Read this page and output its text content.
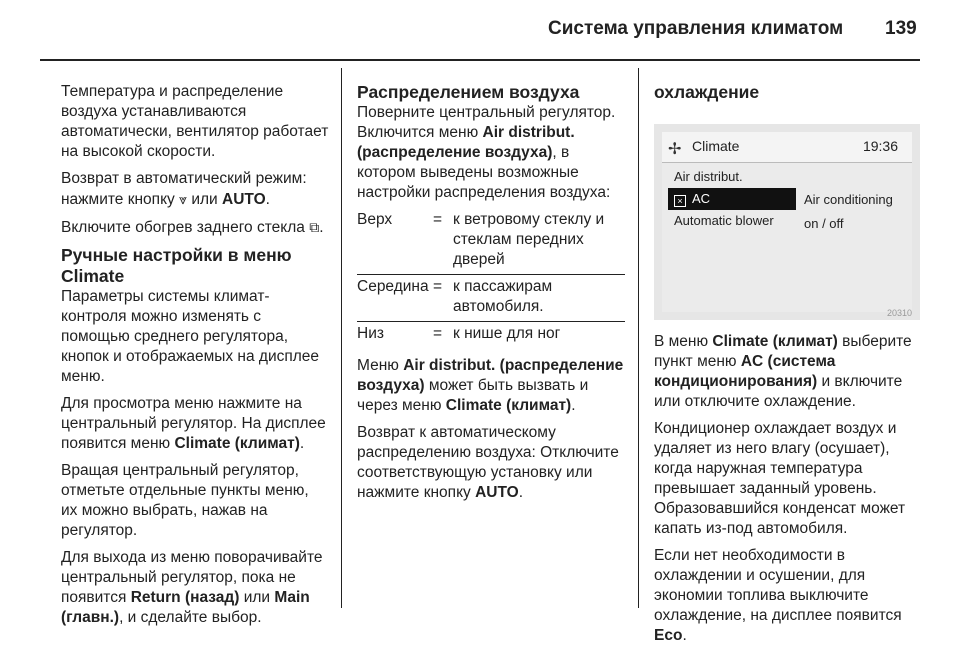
Система управления климатом 139

Температура и распределение воздуха устанавливаются автоматически, вентилятор работает на высокой скорости.

Возврат в автоматический режим: нажмите кнопку ⩔ или AUTO.

Включите обогрев заднего стекла ⧉.

Ручные настройки в меню Climate

Параметры системы климат-контроля можно изменять с помощью среднего регулятора, кнопок и отображаемых на дисплее меню.

Для просмотра меню нажмите на центральный регулятор. На дисплее появится меню Climate (климат).

Вращая центральный регулятор, отметьте отдельные пункты меню, их можно выбрать, нажав на регулятор.

Для выхода из меню поворачивайте центральный регулятор, пока не появится Return (назад) или Main (главн.), и сделайте выбор.

Распределением воздуха

Поверните центральный регулятор. Включится меню Air distribut. (распределение воздуха), в котором выведены возможные настройки распределения воздуха:

Верх	=	к ветровому стеклу и стеклам передних дверей
Середина	=	к пассажирам автомобиля.
Низ	=	к нише для ног

Меню Air distribut. (распределение воздуха) может быть вызвать и через меню Climate (климат).

Возврат к автоматическому распределению воздуха: Отключите соответствующую установку или нажмите кнопку AUTO.

охлаждение
✢ Climate	19:36
Air distribut.
× AC
Automatic blower
Air conditioning
on / off
20310

В меню Climate (климат) выберите пункт меню AC (система кондиционирования) и включите или отключите охлаждение.

Кондиционер охлаждает воздух и удаляет из него влагу (осушает), когда наружная температура превышает заданный уровень. Образовавшийся конденсат может капать из-под автомобиля.

Если нет необходимости в охлаждении и осушении, для экономии топлива выключите охлаждение, на дисплее появится Eco.
